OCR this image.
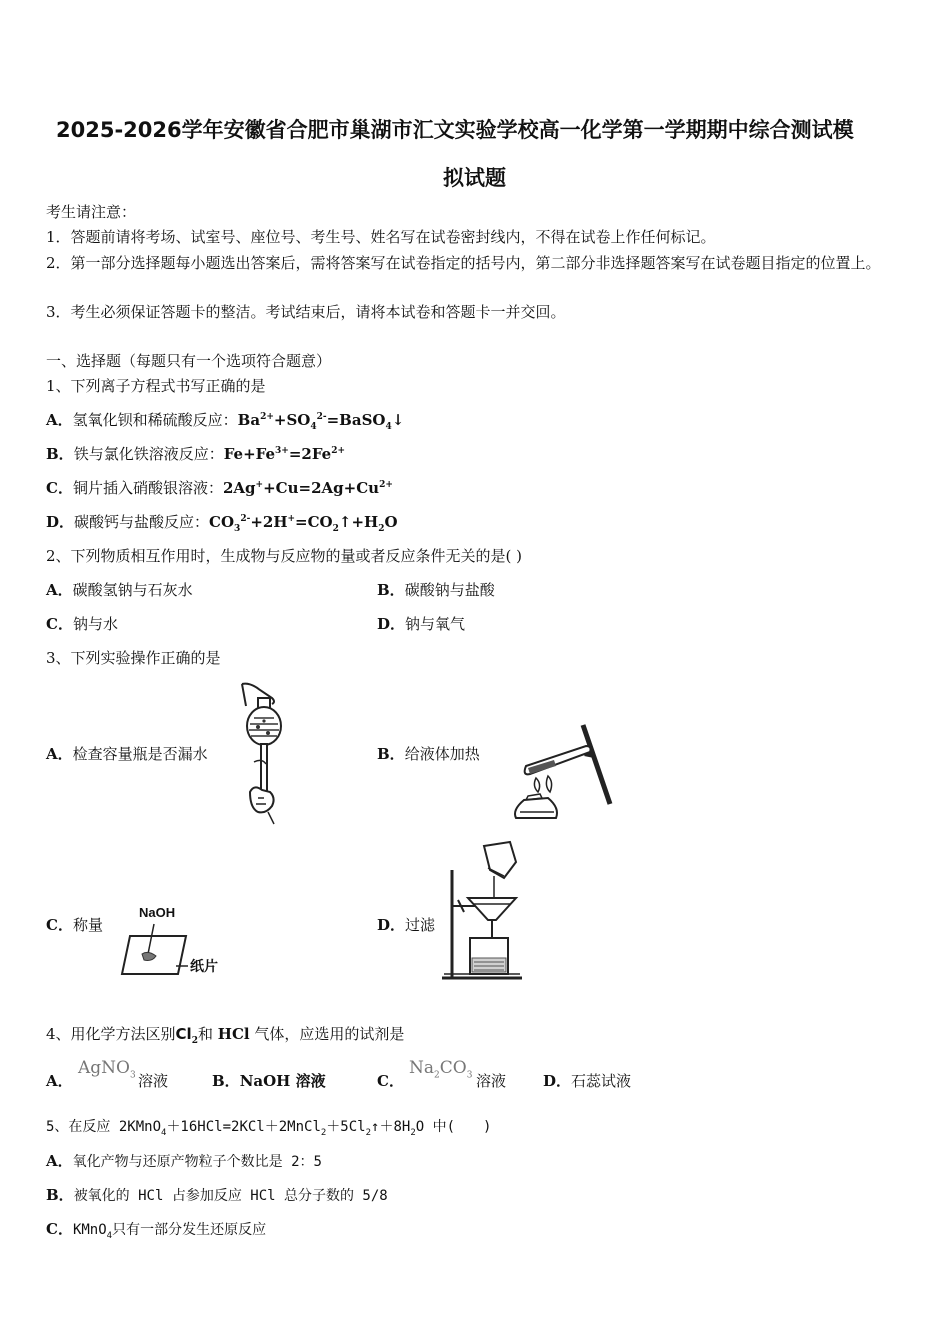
2025-2026学年安徽省合肥市巢湖市汇文实验学校高一化学第一学期期中综合测试模
拟试题
考生请注意：
1．答题前请将考场、试室号、座位号、考生号、姓名写在试卷密封线内，不得在试卷上作任何标记。
2．第一部分选择题每小题选出答案后，需将答案写在试卷指定的括号内，第二部分非选择题答案写在试卷题目指定的位置上。
3．考生必须保证答题卡的整洁。考试结束后，请将本试卷和答题卡一并交回。
一、选择题（每题只有一个选项符合题意）
1、下列离子方程式书写正确的是
A．氢氧化钡和稀硫酸反应：$Ba^{2+}+SO_4^{2-}=BaSO_4↓$
B．铁与氯化铁溶液反应：$Fe+Fe^{3+}=2Fe^{2+}$
C．铜片插入硝酸银溶液：$2Ag^++Cu=2Ag+Cu^{2+}$
D．碳酸钙与盐酸反应：$CO_3^{2-}+2H^+=CO_2↑+H_2O$
2、下列物质相互作用时，生成物与反应物的量或者反应条件无关的是( )
A．碳酸氢钠与石灰水	B．碳酸钠与盐酸
C．钠与水	D．钠与氧气
3、下列实验操作正确的是
A．检查容量瓶是否漏水	B．给液体加热
C．称量
NaOH
纸片
D．过滤
4、用化学方法区别$Cl_2$和 HCl 气体，应选用的试剂是
A．
AgNO$_3$ 溶液	B．NaOH 溶液	C．
$Na_2CO_3$ 溶液 D．石蕊试液
5、在反应 $2KMnO_4+16HCl=2KCl+2MnCl_2+5Cl_2↑+8H_2O$ 中(　　)
A．氧化产物与还原产物粒子个数比是 2：5
B．被氧化的 HCl 占参加反应 HCl 总分子数的 5/8
C．KMnO$_4$只有一部分发生还原反应
